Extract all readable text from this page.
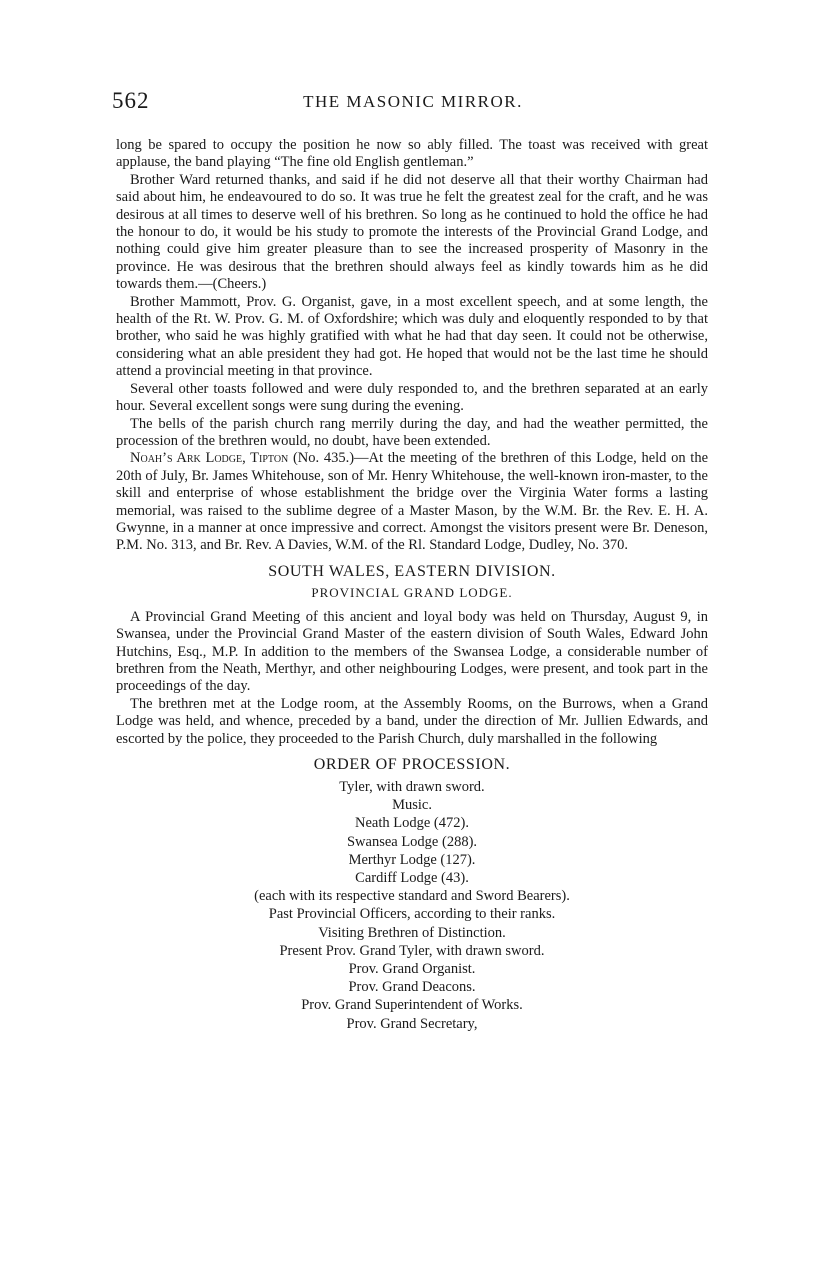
562	THE MASONIC MIRROR.

long be spared to occupy the position he now so ably filled. The toast was received with great applause, the band playing “The fine old English gentleman.”

Brother Ward returned thanks, and said if he did not deserve all that their worthy Chairman had said about him, he endeavoured to do so. It was true he felt the greatest zeal for the craft, and he was desirous at all times to deserve well of his brethren. So long as he continued to hold the office he had the honour to do, it would be his study to promote the interests of the Provincial Grand Lodge, and nothing could give him greater pleasure than to see the increased prosperity of Masonry in the province. He was desirous that the brethren should always feel as kindly towards him as he did towards them.—(Cheers.)

Brother Mammott, Prov. G. Organist, gave, in a most excellent speech, and at some length, the health of the Rt. W. Prov. G. M. of Oxfordshire; which was duly and eloquently responded to by that brother, who said he was highly gratified with what he had that day seen. It could not be otherwise, considering what an able president they had got. He hoped that would not be the last time he should attend a provincial meeting in that province.

Several other toasts followed and were duly responded to, and the brethren separated at an early hour. Several excellent songs were sung during the evening.

The bells of the parish church rang merrily during the day, and had the weather permitted, the procession of the brethren would, no doubt, have been extended.

Noah’s Ark Lodge, Tipton (No. 435.)—At the meeting of the brethren of this Lodge, held on the 20th of July, Br. James Whitehouse, son of Mr. Henry Whitehouse, the well-known iron-master, to the skill and enterprise of whose establishment the bridge over the Virginia Water forms a lasting memorial, was raised to the sublime degree of a Master Mason, by the W.M. Br. the Rev. E. H. A. Gwynne, in a manner at once impressive and correct. Amongst the visitors present were Br. Deneson, P.M. No. 313, and Br. Rev. A Davies, W.M. of the Rl. Standard Lodge, Dudley, No. 370.

SOUTH WALES, EASTERN DIVISION.
PROVINCIAL GRAND LODGE.

A Provincial Grand Meeting of this ancient and loyal body was held on Thursday, August 9, in Swansea, under the Provincial Grand Master of the eastern division of South Wales, Edward John Hutchins, Esq., M.P. In addition to the members of the Swansea Lodge, a considerable number of brethren from the Neath, Merthyr, and other neighbouring Lodges, were present, and took part in the proceedings of the day.

The brethren met at the Lodge room, at the Assembly Rooms, on the Burrows, when a Grand Lodge was held, and whence, preceded by a band, under the direction of Mr. Jullien Edwards, and escorted by the police, they proceeded to the Parish Church, duly marshalled in the following

ORDER OF PROCESSION.
Tyler, with drawn sword.
Music.
Neath Lodge (472).
Swansea Lodge (288).
Merthyr Lodge (127).
Cardiff Lodge (43).
(each with its respective standard and Sword Bearers).
Past Provincial Officers, according to their ranks.
Visiting Brethren of Distinction.
Present Prov. Grand Tyler, with drawn sword.
Prov. Grand Organist.
Prov. Grand Deacons.
Prov. Grand Superintendent of Works.
Prov. Grand Secretary,
